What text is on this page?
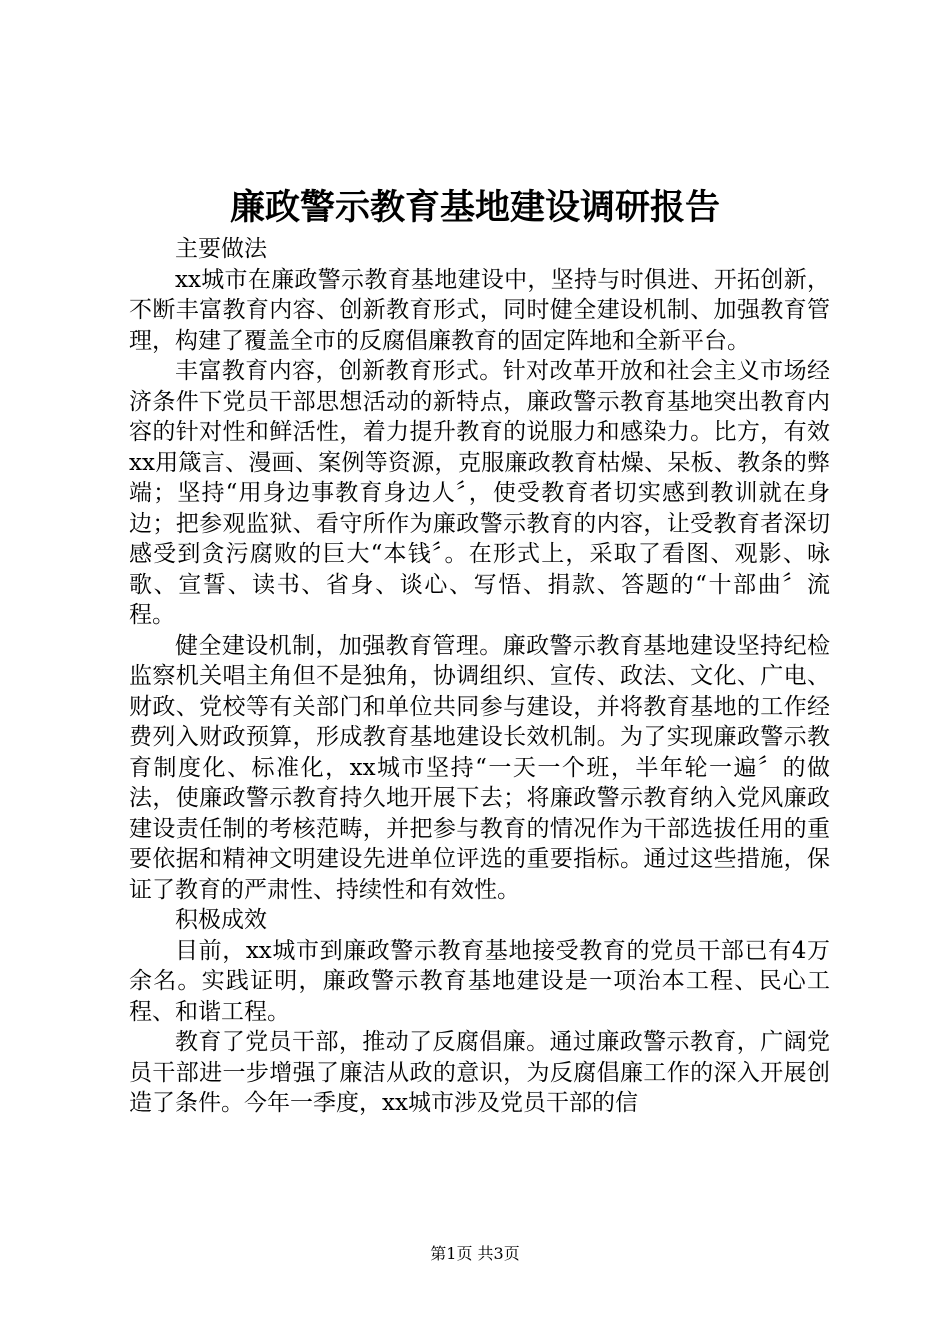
廉政警示教育基地建设调研报告

主要做法

xx城市在廉政警示教育基地建设中，坚持与时俱进、开拓创新，不断丰富教育内容、创新教育形式，同时健全建设机制、加强教育管理，构建了覆盖全市的反腐倡廉教育的固定阵地和全新平台。

丰富教育内容，创新教育形式。针对改革开放和社会主义市场经济条件下党员干部思想活动的新特点，廉政警示教育基地突出教育内容的针对性和鲜活性，着力提升教育的说服力和感染力。比方，有效xx用箴言、漫画、案例等资源，克服廉政教育枯燥、呆板、教条的弊端；坚持“用身边事教育身边人〞，使受教育者切实感到教训就在身边；把参观监狱、看守所作为廉政警示教育的内容，让受教育者深切感受到贪污腐败的巨大“本钱〞。在形式上，采取了看图、观影、咏歌、宣誓、读书、省身、谈心、写悟、捐款、答题的“十部曲〞流程。

健全建设机制，加强教育管理。廉政警示教育基地建设坚持纪检监察机关唱主角但不是独角，协调组织、宣传、政法、文化、广电、财政、党校等有关部门和单位共同参与建设，并将教育基地的工作经费列入财政预算，形成教育基地建设长效机制。为了实现廉政警示教育制度化、标准化，xx城市坚持“一天一个班，半年轮一遍〞的做法，使廉政警示教育持久地开展下去；将廉政警示教育纳入党风廉政建设责任制的考核范畴，并把参与教育的情况作为干部选拔任用的重要依据和精神文明建设先进单位评选的重要指标。通过这些措施，保证了教育的严肃性、持续性和有效性。

积极成效

目前，xx城市到廉政警示教育基地接受教育的党员干部已有4万余名。实践证明，廉政警示教育基地建设是一项治本工程、民心工程、和谐工程。

教育了党员干部，推动了反腐倡廉。通过廉政警示教育，广阔党员干部进一步增强了廉洁从政的意识，为反腐倡廉工作的深入开展创造了条件。今年一季度，xx城市涉及党员干部的信

第1页 共3页
